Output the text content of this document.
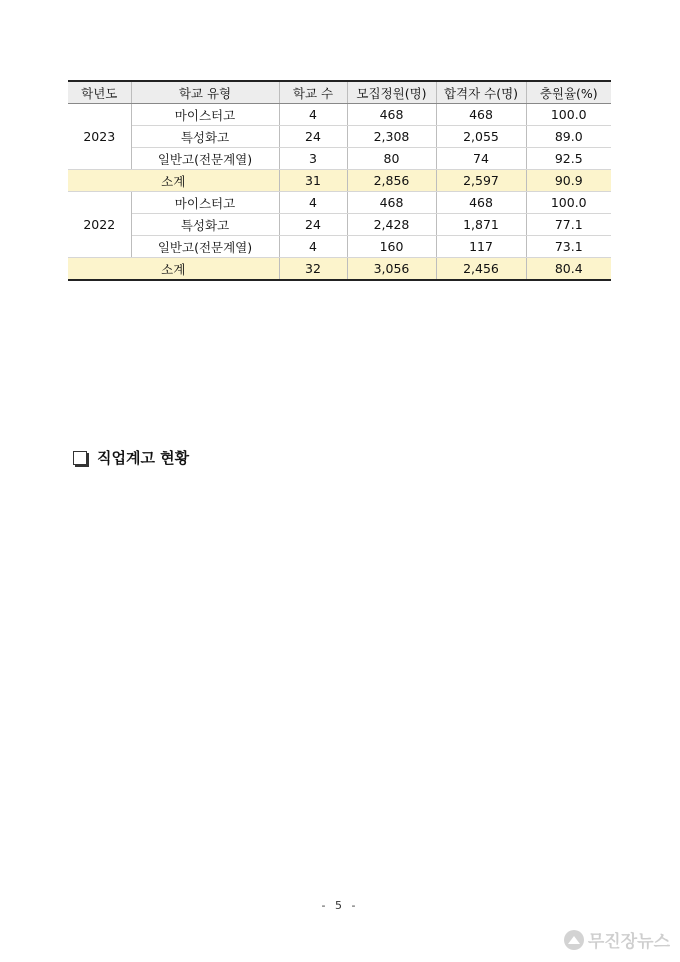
학년도	학교 유형	학교 수	모집정원(명)	합격자 수(명)	충원율(%)
2023	마이스터고	4	468	468	100.0
	특성화고	24	2,308	2,055	89.0
	일반고(전문계열)	3	80	74	92.5
소계		31	2,856	2,597	90.9
2022	마이스터고	4	468	468	100.0
	특성화고	24	2,428	1,871	77.1
	일반고(전문계열)	4	160	117	73.1
소계		32	3,056	2,456	80.4
직업계고 현황
- 5 -
무진장뉴스
